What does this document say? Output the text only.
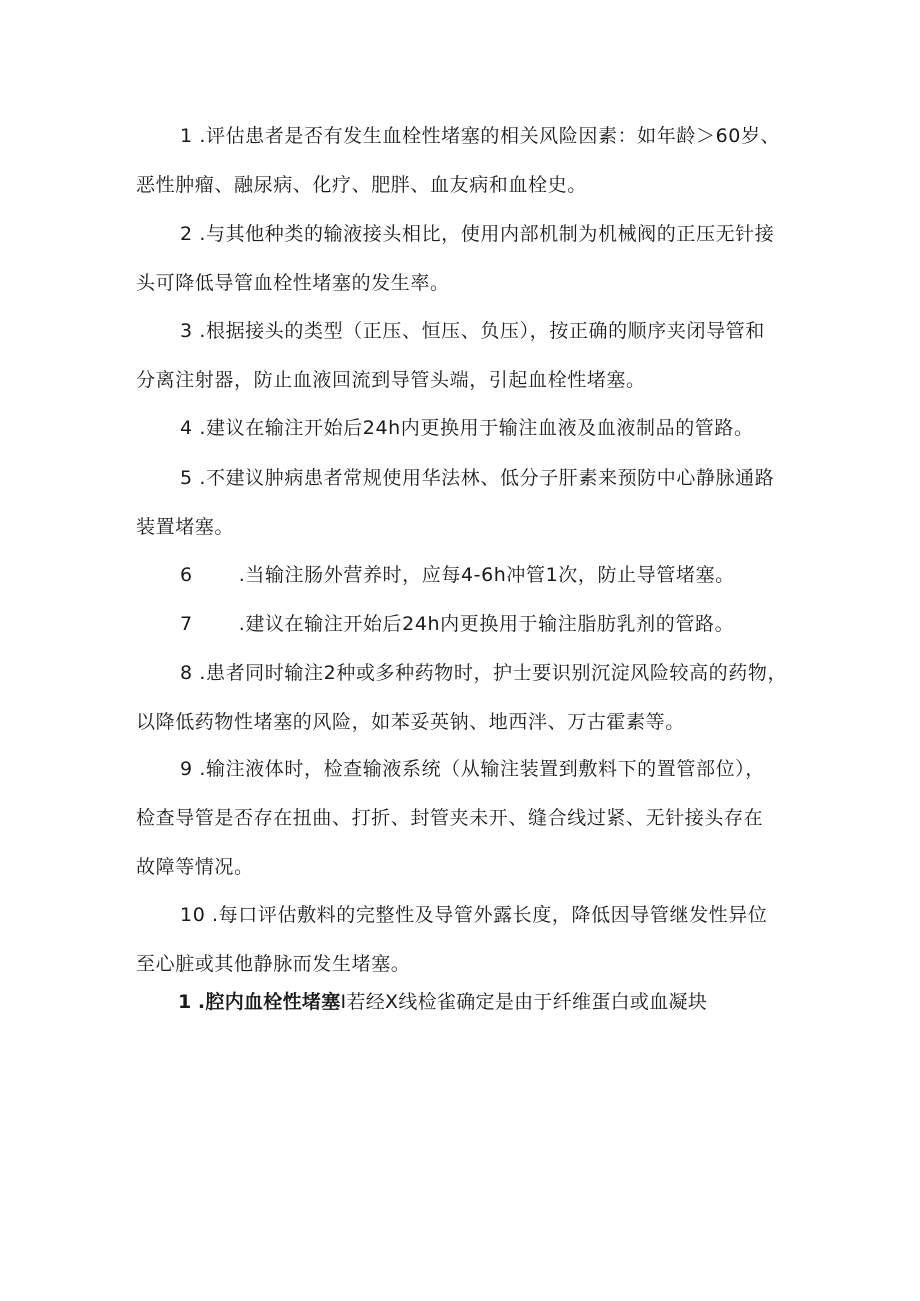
1 .评估患者是否有发生血栓性堵塞的相关风险因素：如年龄＞60岁、
恶性肿瘤、融尿病、化疗、肥胖、血友病和血栓史。
2 .与其他种类的输液接头相比，使用内部机制为机械阀的正压无针接
头可降低导管血栓性堵塞的发生率。
3 .根据接头的类型（正压、恒压、负压），按正确的顺序夹闭导管和
分离注射器，防止血液回流到导管头端，引起血栓性堵塞。
4 .建议在输注开始后24h内更换用于输注血液及血液制品的管路。
5 .不建议肿病患者常规使用华法林、低分子肝素来预防中心静脉通路
装置堵塞。
6 .当输注肠外营养时，应每4-6h冲管1次，防止导管堵塞。
7 .建议在输注开始后24h内更换用于输注脂肪乳剂的管路。
8 .患者同时输注2种或多种药物时，护士要识别沉淀风险较高的药物，
以降低药物性堵塞的风险，如苯妥英钠、地西泮、万古霍素等。
9 .输注液体时，检查输液系统（从输注装置到敷料下的置管部位），
检查导管是否存在扭曲、打折、封管夹未开、缝合线过紧、无针接头存在
故障等情况。
10 .每口评估敷料的完整性及导管外露长度，降低因导管继发性异位
至心脏或其他静脉而发生堵塞。
1 .腔内血栓性堵塞I若经X线检雀确定是由于纤维蛋白或血凝块
